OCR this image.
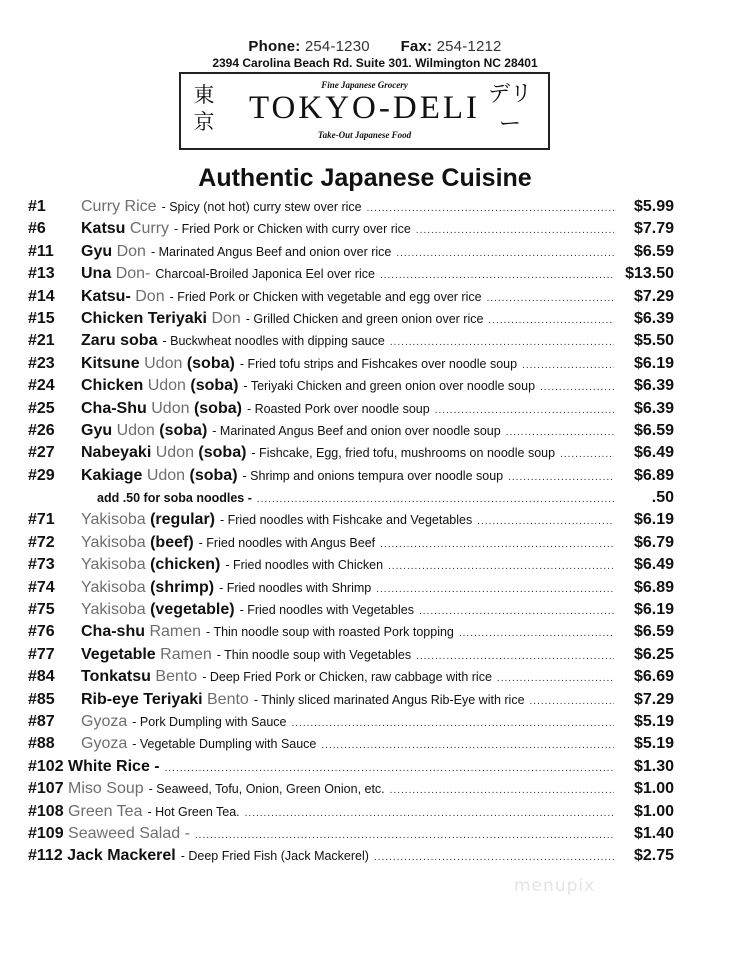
Phone: 254-1230 Fax: 254-1212
2394 Carolina Beach Rd. Suite 301. Wilmington NC 28401
東京
Fine Japanese Grocery
TOKYO-DELI
Take-Out Japanese Food
デリー
Authentic Japanese Cuisine
#1 Curry Rice - Spicy (not hot) curry stew over rice .....	$5.99
#6 Katsu Curry - Fried Pork or Chicken with curry over rice .....	$7.79
#11 Gyu Don - Marinated Angus Beef and onion over rice .....	$6.59
#13 Una Don- Charcoal-Broiled Japonica Eel over rice .....	$13.50
#14 Katsu- Don - Fried Pork or Chicken with vegetable and egg over rice .....	$7.29
#15 Chicken Teriyaki Don - Grilled Chicken and green onion over rice .....	$6.39
#21 Zaru soba - Buckwheat noodles with dipping sauce .....	$5.50
#23 Kitsune Udon (soba) - Fried tofu strips and Fishcakes over noodle soup .....	$6.19
#24 Chicken Udon (soba) - Teriyaki Chicken and green onion over noodle soup .....	$6.39
#25 Cha-Shu Udon (soba) - Roasted Pork over noodle soup .....	$6.39
#26 Gyu Udon (soba) - Marinated Angus Beef and onion over noodle soup .....	$6.59
#27 Nabeyaki Udon (soba) - Fishcake, Egg, fried tofu, mushrooms on noodle soup .....	$6.49
#29 Kakiage Udon (soba) - Shrimp and onions tempura over noodle soup .....	$6.89
add .50 for soba noodles - .....	.50
#71 Yakisoba (regular) - Fried noodles with Fishcake and Vegetables .....	$6.19
#72 Yakisoba (beef) - Fried noodles with Angus Beef .....	$6.79
#73 Yakisoba (chicken) - Fried noodles with Chicken .....	$6.49
#74 Yakisoba (shrimp) - Fried noodles with Shrimp .....	$6.89
#75 Yakisoba (vegetable) - Fried noodles with Vegetables .....	$6.19
#76 Cha-shu Ramen - Thin noodle soup with roasted Pork topping .....	$6.59
#77 Vegetable Ramen - Thin noodle soup with Vegetables .....	$6.25
#84 Tonkatsu Bento - Deep Fried Pork or Chicken, raw cabbage with rice .....	$6.69
#85 Rib-eye Teriyaki Bento - Thinly sliced marinated Angus Rib-Eye with rice .....	$7.29
#87 Gyoza - Pork Dumpling with Sauce .....	$5.19
#88 Gyoza - Vegetable Dumpling with Sauce .....	$5.19
#102 White Rice - .....	$1.30
#107 Miso Soup - Seaweed, Tofu, Onion, Green Onion, etc. .....	$1.00
#108 Green Tea - Hot Green Tea. .....	$1.00
#109 Seaweed Salad - .....	$1.40
#112 Jack Mackerel - Deep Fried Fish (Jack Mackerel) .....	$2.75
menupix
